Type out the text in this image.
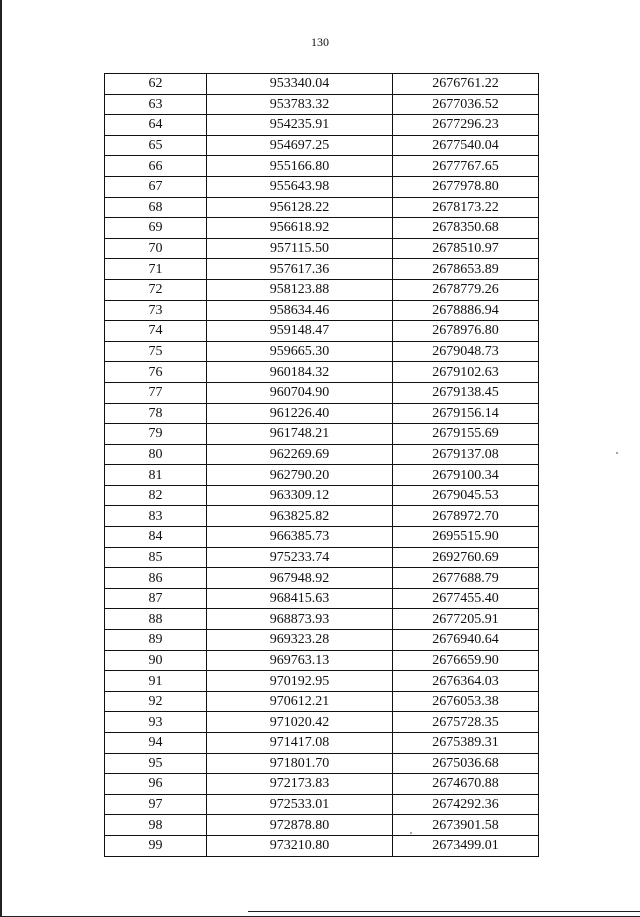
130
62	953340.04	2676761.22
63	953783.32	2677036.52
64	954235.91	2677296.23
65	954697.25	2677540.04
66	955166.80	2677767.65
67	955643.98	2677978.80
68	956128.22	2678173.22
69	956618.92	2678350.68
70	957115.50	2678510.97
71	957617.36	2678653.89
72	958123.88	2678779.26
73	958634.46	2678886.94
74	959148.47	2678976.80
75	959665.30	2679048.73
76	960184.32	2679102.63
77	960704.90	2679138.45
78	961226.40	2679156.14
79	961748.21	2679155.69
80	962269.69	2679137.08
81	962790.20	2679100.34
82	963309.12	2679045.53
83	963825.82	2678972.70
84	966385.73	2695515.90
85	975233.74	2692760.69
86	967948.92	2677688.79
87	968415.63	2677455.40
88	968873.93	2677205.91
89	969323.28	2676940.64
90	969763.13	2676659.90
91	970192.95	2676364.03
92	970612.21	2676053.38
93	971020.42	2675728.35
94	971417.08	2675389.31
95	971801.70	2675036.68
96	972173.83	2674670.88
97	972533.01	2674292.36
98	972878.80	2673901.58
99	973210.80	2673499.01
